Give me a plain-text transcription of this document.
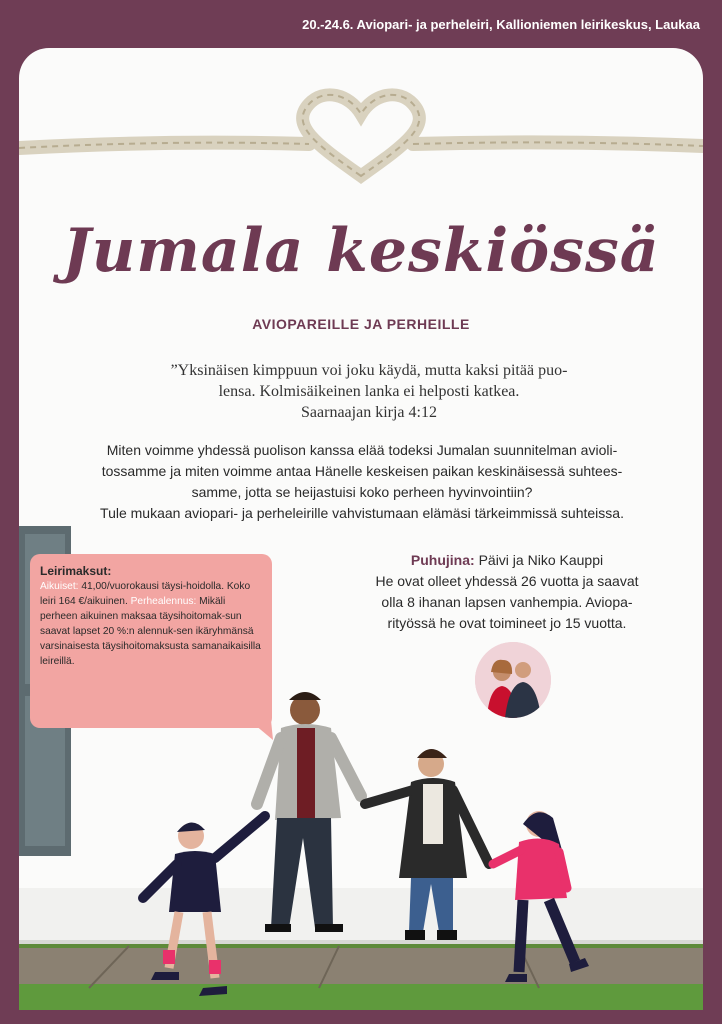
20.-24.6. Aviopari- ja perheleiri, Kallioniemen leirikeskus, Laukaa
Jumala keskiössä
AVIOPAREILLE JA PERHEILLE

”Yksinäisen kimppuun voi joku käydä, mutta kaksi pitää puo-

lensa. Kolmisäikeinen lanka ei helposti katkea.

Saarnaajan kirja 4:12

Miten voimme yhdessä puolison kanssa elää todeksi Jumalan suunnitelman avioli-

tossamme ja miten voimme antaa Hänelle keskeisen paikan keskinäisessä suhtees-

samme, jotta se heijastuisi koko perheen hyvinvointiin?

Tule mukaan aviopari- ja perheleirille vahvistumaan elämäsi tärkeimmissä suhteissa.

Leirimaksut:
Aikuiset: 41,00/vuorokausi täysi-hoidolla. Koko leiri 164 €/aikuinen. Perhealennus: Mikäli perheen aikuinen maksaa täysihoitomak-sun saavat lapset 20 %:n alennuk-sen ikäryhmänsä varsinaisesta täysihoitomaksusta samanaikaisilla leireillä.

Puhujina: Päivi ja Niko Kauppi

He ovat olleet yhdessä 26 vuotta ja saavat

olla 8 ihanan lapsen vanhempia. Aviopa-

rityössä he ovat toimineet jo 15 vuotta.
